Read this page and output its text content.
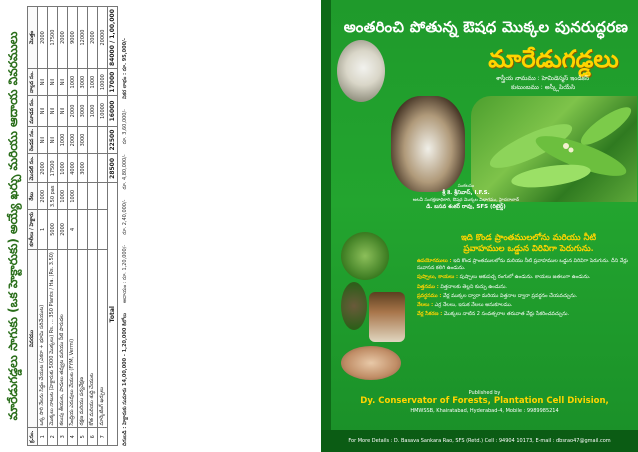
మారేడుగడ్డలు సాగుకు (ఒక హెక్టారుకు) అయ్యే ఖర్చు మరియు ఆదాయ వివరములు
క్ర.సం.	వివరము	కూలీలు / హెక్టారు	రేటు	మొదటి సం.	రెండవ సం.	మూడవ సం.	నాల్గవ సం.	మొత్తం
1	ఒక్క సారి నేలను సిద్ధం చేయుట (ఎకరా + భూమి సరిచేయుట)	1	2000	2000	Nil	Nil	Nil	2000
2	మొక్కలు నాటుట (హెక్టారుకు 5000 మొక్కలు) Rs. ... 350 Plants / Ha. (Rs. 3.50)	5000	3.50 pas	17500	Nil	Nil	Nil	17500
3	కలుపు తీయుట, పాదులు తవ్వుట మరియు నీటి పారుదల	2000	1000	1000	1000	Nil	Nil	2000
4	సేంద్రియ ఎరువులు వేయుట (FYM, Vermi)	4	1000	4000	2000	2000	1000	9000
5	రక్షణ మరియు పర్యవేక్షణ			3000	3000	3000	3000	12000
6	కోత మరియు శుద్ధి చేయుట					1000	1000	2000
7	మార్కెటింగ్ ఖర్చులు					10000	10000	20000
Total				28500	22500	16000	17000	84000 / 1,00,000
దిగుబడి : హెక్టారుకు సుమారు 14,00,000 - 1,20,000 కిలోలు
ఆదాయం : రూ. 1,20,000/-
రూ. 2,40,000/-
రూ. 4,80,000/-
రూ. 3,60,000/-
నికర లాభం : రూ. 95,000/-
అంతరించి పోతున్న ఔషధ మొక్కల పునరుద్ధరణ
మారేడుగడ్డలు
శాస్త్రీయ నామము : హెమిడెస్మస్ ఇండికస్
కుటుంబము : అస్క్లీపియేసి
సంకలనం
శ్రీ కె. శ్రీనివాస్, I.F.S.
అటవీ సంరక్షణాధికారి, ఔషధ మొక్కల విభాగము, హైదరాబాద్
డి. బసవ శంకర్ రావు, SFS (రిటైర్డ్)
ఇది కొండ ప్రాంతములలోను మరియు నీటి ప్రవాహముల ఒడ్డున విరివిగా పెరుగును.

ఉపయోగములు : ఇది కొండ ప్రాంతములలోను మరియు నీటి ప్రవాహముల ఒడ్డున విరివిగా పెరుగును. దీని వేర్లు సువాసన కలిగి ఉండును.

పుష్పాలు, కాయలు : పుష్పాలు ఆకుపచ్చ రంగులో ఉండును. కాయలు జతలుగా ఉండును.

విత్తనము : విత్తనాలకు తెల్లని కుచ్చు ఉండును.

ప్రవర్ధనము : వేర్ల ముక్కల ద్వారా మరియు విత్తనాల ద్వారా ప్రవర్ధనం చేయవచ్చును.

నేలలు : ఎర్ర నేలలు, ఇసుక నేలలు అనుకూలము.

వేర్ల సేకరణ : మొక్కలు నాటిన 2 సంవత్సరాల తరువాత వేర్లు సేకరించవచ్చును.

Published by
Dy. Conservator of Forests, Plantation Cell Division,
HMWSSB, Khairatabad, Hyderabad-4, Mobile : 9989985214
For More Details : D. Basava Sankara Rao, SFS (Retd.) Cell : 94904 10173, E-mail : dbsrao47@gmail.com
